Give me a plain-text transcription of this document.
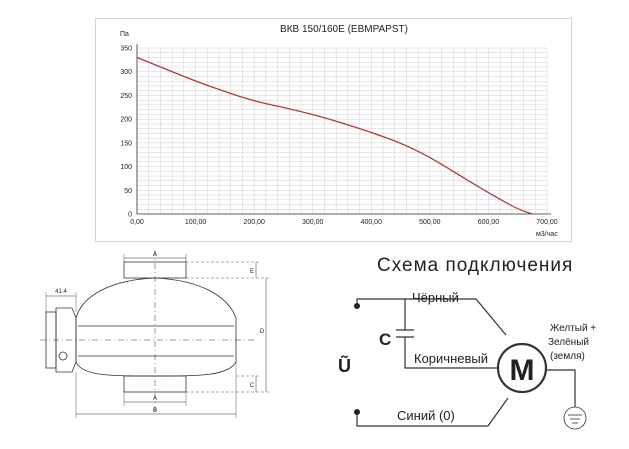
ВКВ 150/160Е (EBMPAPST)
Па
м3/час
0,00	100,00	200,00	300,00	400,00	500,00	600,00	700,00
0
50
100
150
200
250
300
350
41.4
A
A
B
D
E
C
Схема подключения
Чёрный
C
Коричневый
Ũ	M
Синий (0)
Желтый +
Зелёный
(земля)
